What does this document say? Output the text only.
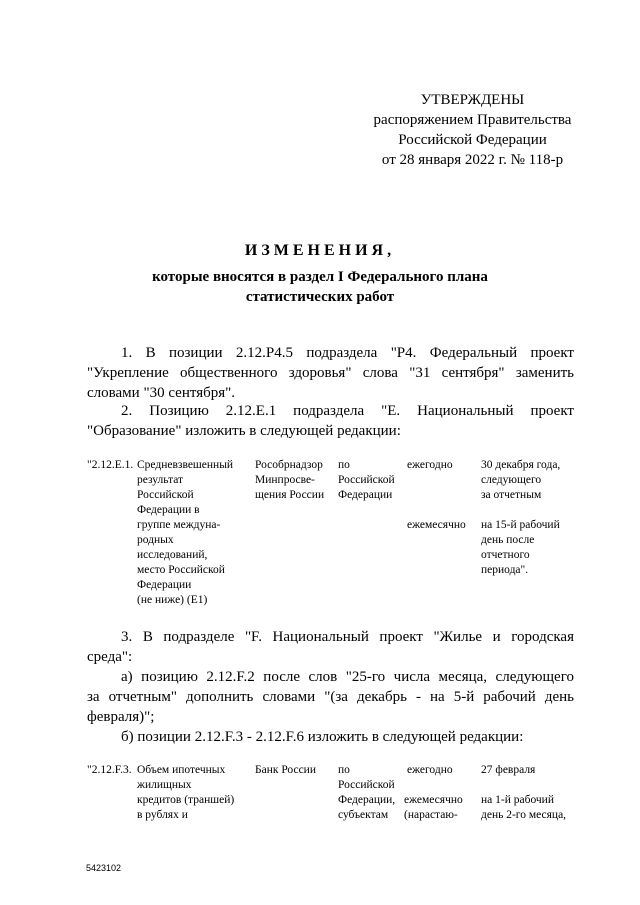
УТВЕРЖДЕНЫ
распоряжением Правительства
Российской Федерации
от 28 января 2022 г. № 118-р
ИЗМЕНЕНИЯ,
которые вносятся в раздел I Федерального плана
статистических работ
1. В позиции 2.12.Р4.5 подраздела "Р4. Федеральный проект
"Укрепление общественного здоровья" слова "31 сентября" заменить
словами "30 сентября".
2. Позицию 2.12.Е.1 подраздела "Е. Национальный проект
"Образование" изложить в следующей редакции:
"2.12.Е.1. Средневзвешенный
результат
Российской
Федерации в
группе междуна-
родных
исследований,
место Российской
Федерации
(не ниже) (Е1)
Рособрнадзор
Минпросве-
щения России
по
Российской
Федерации
ежегодно 30 декабря года,
следующего
за отчетным
ежемесячно на 15-й рабочий
день после
отчетного
периода".
3. В подразделе "F. Национальный проект "Жилье и городская
среда":
а) позицию 2.12.F.2 после слов "25-го числа месяца, следующего
за отчетным" дополнить словами "(за декабрь - на 5-й рабочий день
февраля)";
б) позиции 2.12.F.3 - 2.12.F.6 изложить в следующей редакции:
"2.12.F.3. Объем ипотечных
жилищных
кредитов (траншей)
в рублях и
Банк России по
Российской
Федерации,
субъектам
ежегодно 27 февраля
ежемесячно
(нарастаю-
на 1-й рабочий
день 2-го месяца,
5423102
